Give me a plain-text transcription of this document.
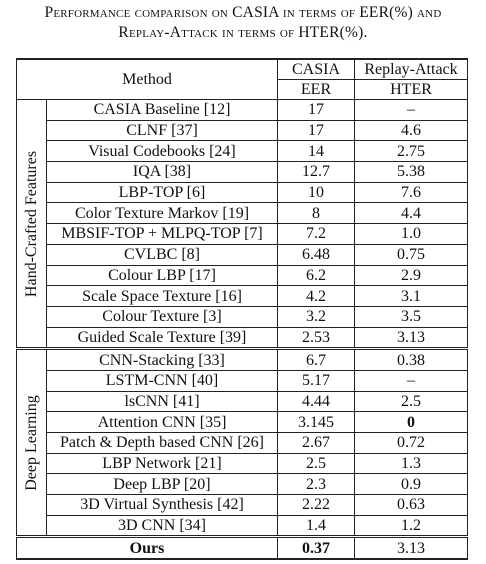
Performance comparison on CASIA in terms of EER(%) and
Replay-Attack in terms of HTER(%).
Method		CASIA	Replay-Attack
		EER	HTER

Hand-Crafted Features	CASIA Baseline [12]	17	–
	CLNF [37]	17	4.6
	Visual Codebooks [24]	14	2.75
	IQA [38]	12.7	5.38
	LBP-TOP [6]	10	7.6
	Color Texture Markov [19]	8	4.4
	MBSIF-TOP + MLPQ-TOP [7]	7.2	1.0
	CVLBC [8]	6.48	0.75
	Colour LBP [17]	6.2	2.9
	Scale Space Texture [16]	4.2	3.1
	Colour Texture [3]	3.2	3.5
	Guided Scale Texture [39]	2.53	3.13

Deep Learning	CNN-Stacking [33]	6.7	0.38
	LSTM-CNN [40]	5.17	–
	lsCNN [41]	4.44	2.5
	Attention CNN [35]	3.145	0
	Patch & Depth based CNN [26]	2.67	0.72
	LBP Network [21]	2.5	1.3
	Deep LBP [20]	2.3	0.9
	3D Virtual Synthesis [42]	2.22	0.63
	3D CNN [34]	1.4	1.2
Ours		0.37	3.13
